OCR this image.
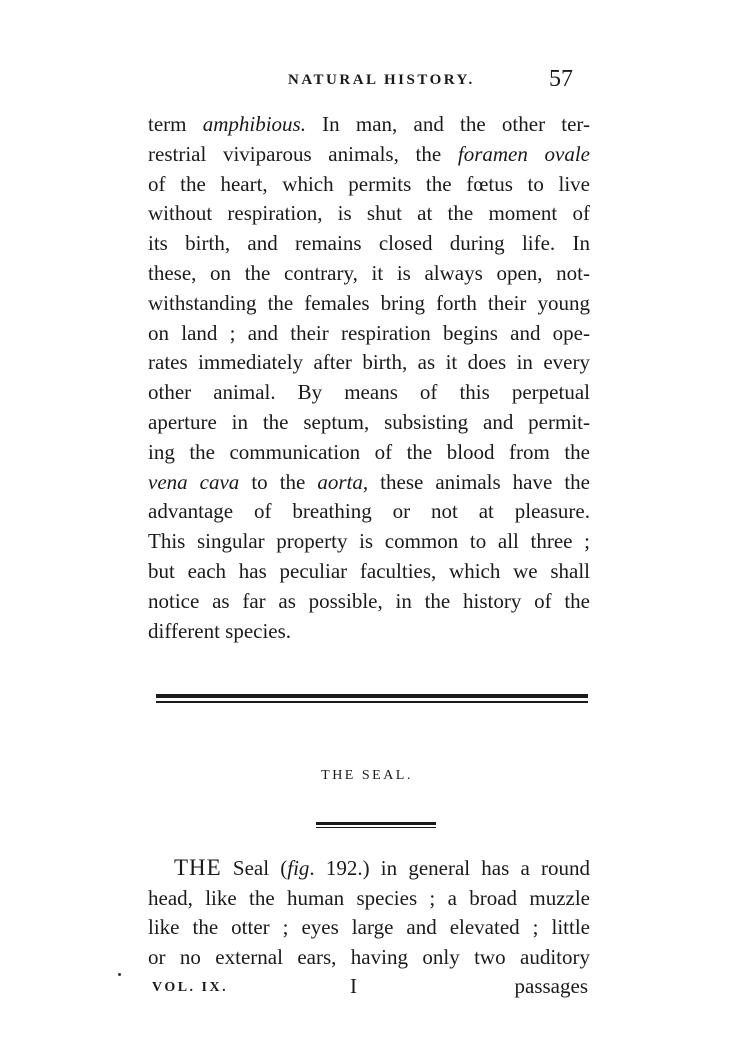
NATURAL HISTORY.	57
term amphibious. In man, and the other ter-
restrial viviparous animals, the foramen ovale
of the heart, which permits the fœtus to live
without respiration, is shut at the moment of
its birth, and remains closed during life. In
these, on the contrary, it is always open, not-
withstanding the females bring forth their young
on land ; and their respiration begins and ope-
rates immediately after birth, as it does in every
other animal. By means of this perpetual
aperture in the septum, subsisting and permit-
ing the communication of the blood from the
vena cava to the aorta, these animals have the
advantage of breathing or not at pleasure.
This singular property is common to all three ;
but each has peculiar faculties, which we shall
notice as far as possible, in the history of the
different species.
THE SEAL.
THE Seal (fig. 192.) in general has a round
head, like the human species ; a broad muzzle
like the otter ; eyes large and elevated ; little
or no external ears, having only two auditory
VOL. IX.	I	passages
